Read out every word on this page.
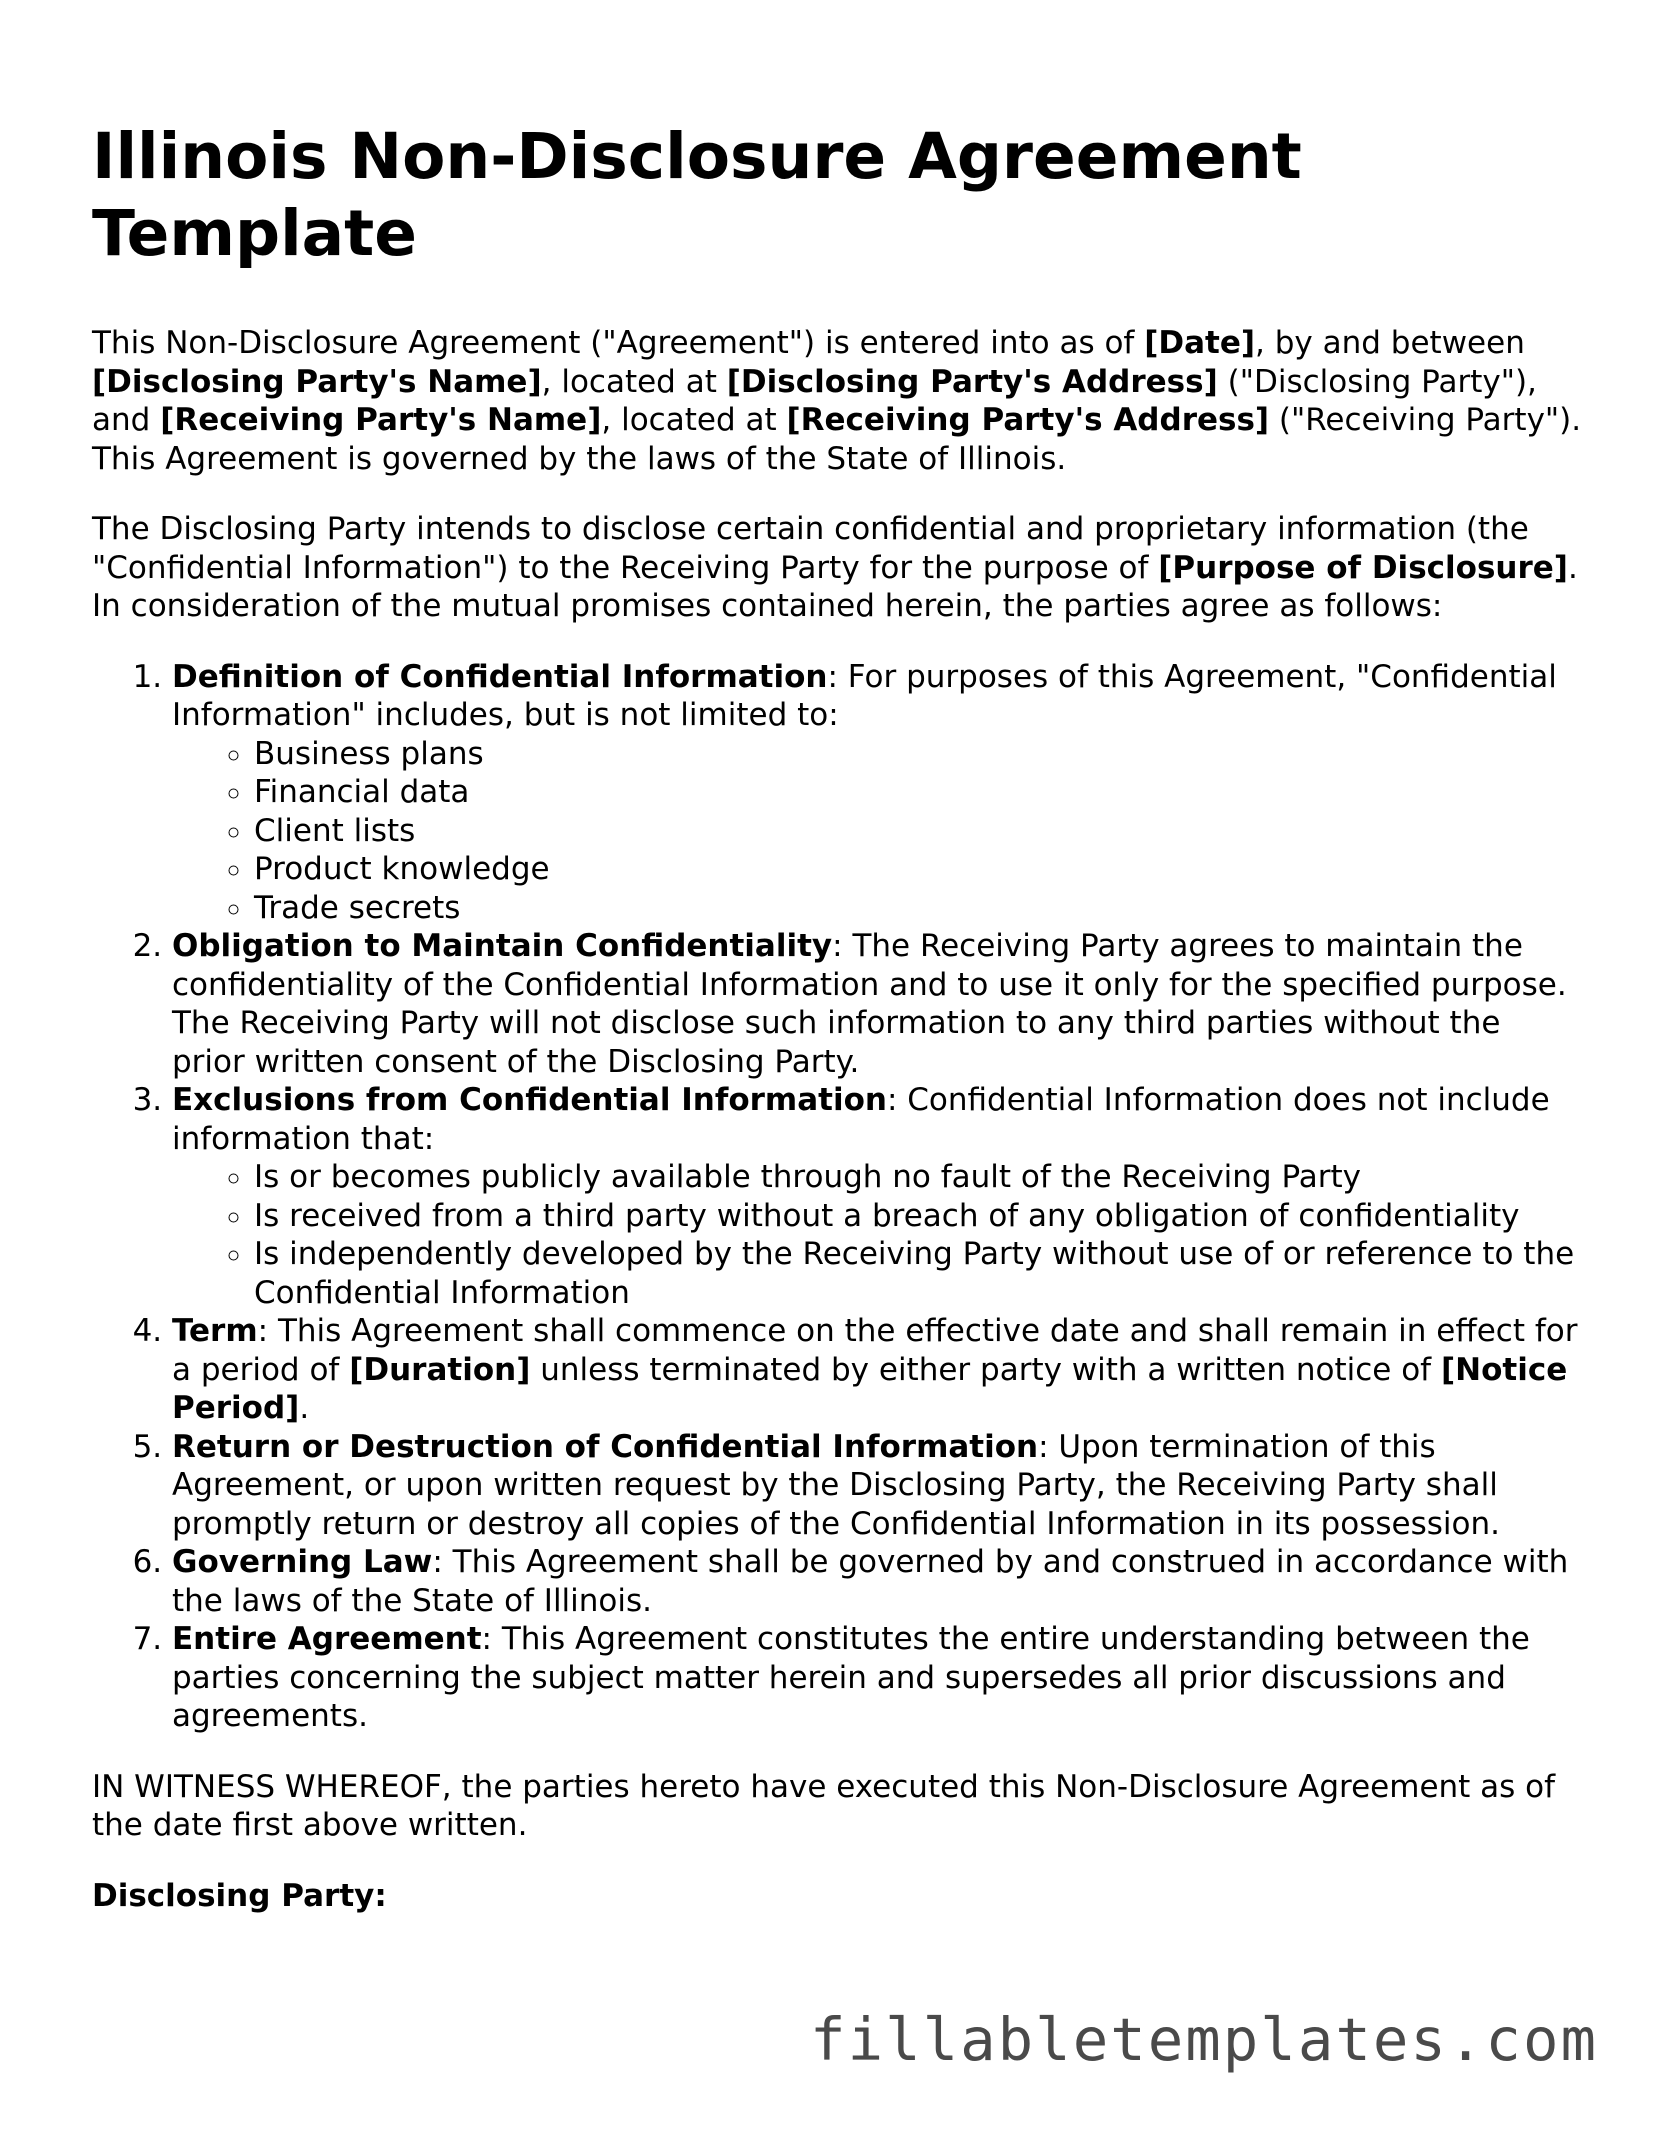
Illinois Non-Disclosure Agreement Template

This Non-Disclosure Agreement ("Agreement") is entered into as of [Date], by and between [Disclosing Party's Name], located at [Disclosing Party's Address] ("Disclosing Party"), and [Receiving Party's Name], located at [Receiving Party's Address] ("Receiving Party"). This Agreement is governed by the laws of the State of Illinois.

The Disclosing Party intends to disclose certain confidential and proprietary information (the "Confidential Information") to the Receiving Party for the purpose of [Purpose of Disclosure]. In consideration of the mutual promises contained herein, the parties agree as follows:

1. Definition of Confidential Information: For purposes of this Agreement, "Confidential Information" includes, but is not limited to:
◦ Business plans
◦ Financial data
◦ Client lists
◦ Product knowledge
◦ Trade secrets
2. Obligation to Maintain Confidentiality: The Receiving Party agrees to maintain the confidentiality of the Confidential Information and to use it only for the specified purpose. The Receiving Party will not disclose such information to any third parties without the prior written consent of the Disclosing Party.
3. Exclusions from Confidential Information: Confidential Information does not include information that:
◦ Is or becomes publicly available through no fault of the Receiving Party
◦ Is received from a third party without a breach of any obligation of confidentiality
◦ Is independently developed by the Receiving Party without use of or reference to the Confidential Information
4. Term: This Agreement shall commence on the effective date and shall remain in effect for a period of [Duration] unless terminated by either party with a written notice of [Notice Period].
5. Return or Destruction of Confidential Information: Upon termination of this Agreement, or upon written request by the Disclosing Party, the Receiving Party shall promptly return or destroy all copies of the Confidential Information in its possession.
6. Governing Law: This Agreement shall be governed by and construed in accordance with the laws of the State of Illinois.
7. Entire Agreement: This Agreement constitutes the entire understanding between the parties concerning the subject matter herein and supersedes all prior discussions and agreements.

IN WITNESS WHEREOF, the parties hereto have executed this Non-Disclosure Agreement as of the date first above written.

Disclosing Party:

fillabletemplates.com
